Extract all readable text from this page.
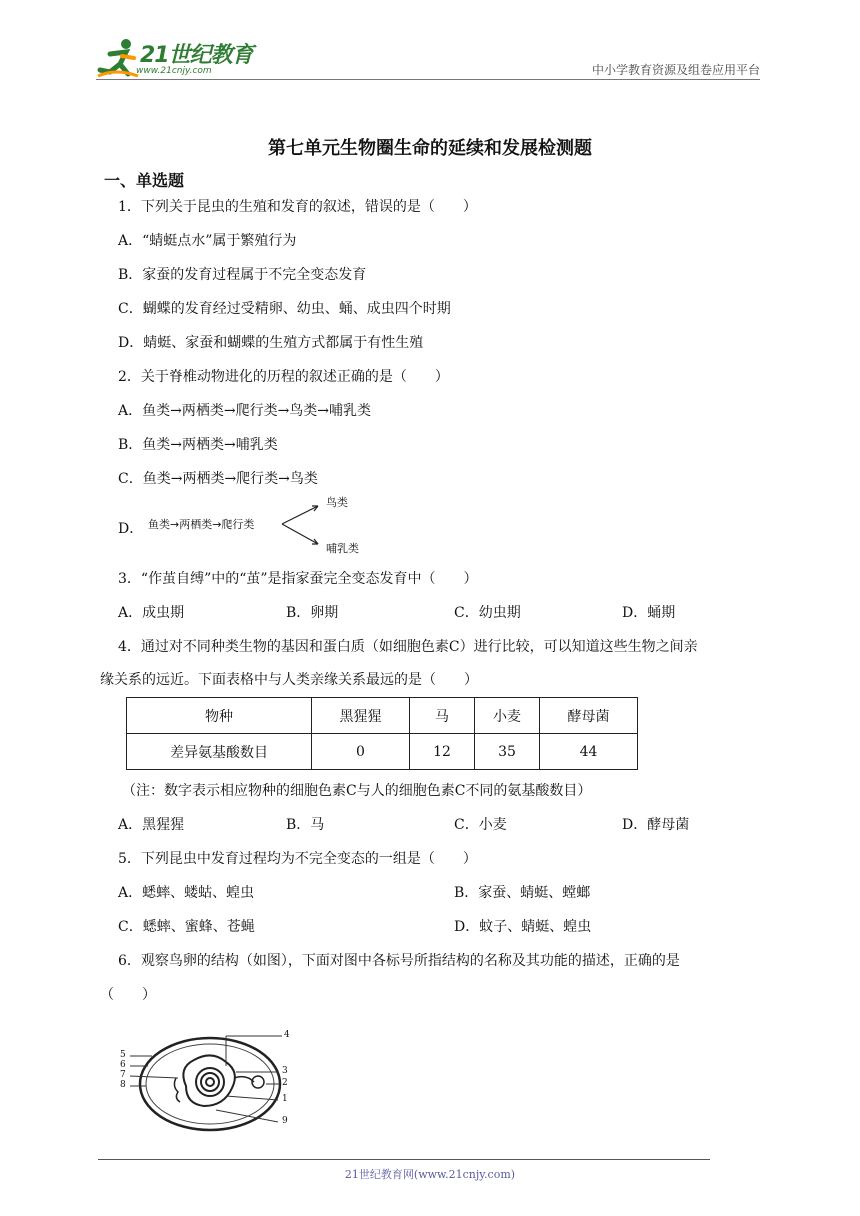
21世纪教育
www.21cnjy.com	中小学教育资源及组卷应用平台
第七单元生物圈生命的延续和发展检测题
一、单选题
1．下列关于昆虫的生殖和发育的叙述，错误的是（　　）
A．“蜻蜓点水”属于繁殖行为
B．家蚕的发育过程属于不完全变态发育
C．蝴蝶的发育经过受精卵、幼虫、蛹、成虫四个时期
D．蜻蜓、家蚕和蝴蝶的生殖方式都属于有性生殖
2．关于脊椎动物进化的历程的叙述正确的是（　　）
A．鱼类→两栖类→爬行类→鸟类→哺乳类
B．鱼类→两栖类→哺乳类
C．鱼类→两栖类→爬行类→鸟类
D． 鱼类→两栖类→爬行类
鸟类
哺乳类
3．“作茧自缚”中的“茧”是指家蚕完全变态发育中（　　）
A．成虫期	B．卵期	C．幼虫期	D．蛹期
4．通过对不同种类生物的基因和蛋白质（如细胞色素C）进行比较，可以知道这些生物之间亲
缘关系的远近。下面表格中与人类亲缘关系最远的是（　　）
物种	黑猩猩	马	小麦	酵母菌
差异氨基酸数目	0	12	35	44
（注：数字表示相应物种的细胞色素C与人的细胞色素C不同的氨基酸数目）
A．黑猩猩	B．马	C．小麦	D．酵母菌
5．下列昆虫中发育过程均为不完全变态的一组是（　　）
A．蟋蟀、蝼蛄、蝗虫	B．家蚕、蜻蜓、螳螂
C．蟋蟀、蜜蜂、苍蝇	D．蚊子、蜻蜓、蝗虫
6．观察鸟卵的结构（如图），下面对图中各标号所指结构的名称及其功能的描述，正确的是
（　　）
5
6
7
8
4
3
2
1
9
21世纪教育网(www.21cnjy.com)
